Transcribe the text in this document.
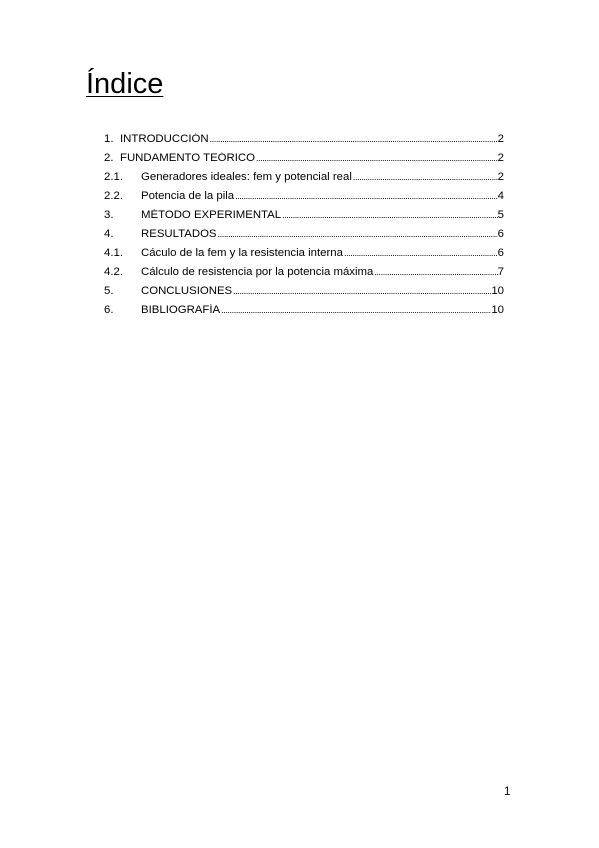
Índice
1. INTRODUCCIÓN .....	2
2. FUNDAMENTO TEÓRICO .....	2
2.1.	Generadores ideales: fem y potencial real .....	2
2.2.	Potencia de la pila .....	4
3.	MÉTODO EXPERIMENTAL .....	5
4.	RESULTADOS .....	6
4.1.	Cáculo de la fem y la resistencia interna .....	6
4.2.	Cálculo de resistencia por la potencia máxima .....	7
5.	CONCLUSIONES .....	10
6.	BIBLIOGRAFÍA .....	10
1
